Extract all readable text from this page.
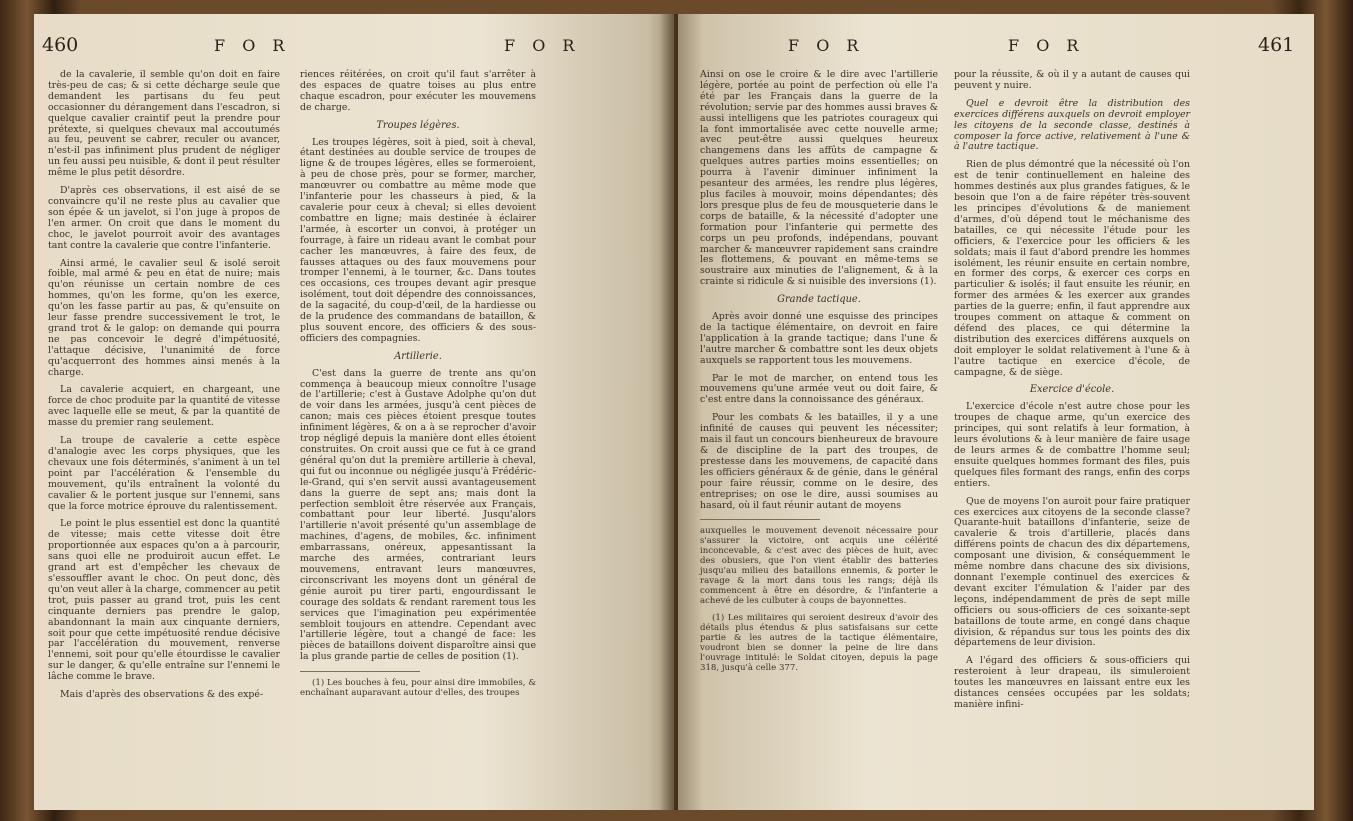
460	F O R	F O R

de la cavalerie, il semble qu'on doit en faire très-peu de cas; & si cette décharge seule que demandent les partisans du feu peut occasionner du dérangement dans l'escadron, si quelque cavalier craintif peut la prendre pour prétexte, si quelques chevaux mal accoutumés au feu, peuvent se cabrer, reculer ou avancer, n'est-il pas infiniment plus prudent de négliger un feu aussi peu nuisible, & dont il peut résulter même le plus petit désordre.

D'après ces observations, il est aisé de se convaincre qu'il ne reste plus au cavalier que son épée & un javelot, si l'on juge à propos de l'en armer. On croit que dans le moment du choc, le javelot pourroit avoir des avantages tant contre la cavalerie que contre l'infanterie.

Ainsi armé, le cavalier seul & isolé seroit foible, mal armé & peu en état de nuire; mais qu'on réunisse un certain nombre de ces hommes, qu'on les forme, qu'on les exerce, qu'on les fasse partir au pas, & qu'ensuite on leur fasse prendre successivement le trot, le grand trot & le galop: on demande qui pourra ne pas concevoir le degré d'impétuosité, l'attaque décisive, l'unanimité de force qu'acquerront des hommes ainsi menés à la charge.

La cavalerie acquiert, en chargeant, une force de choc produite par la quantité de vitesse avec laquelle elle se meut, & par la quantité de masse du premier rang seulement.

La troupe de cavalerie a cette espèce d'analogie avec les corps physiques, que les chevaux une fois déterminés, s'animent à un tel point par l'accélération & l'ensemble du mouvement, qu'ils entraînent la volonté du cavalier & le portent jusque sur l'ennemi, sans que la force motrice éprouve du ralentissement.

Le point le plus essentiel est donc la quantité de vitesse; mais cette vitesse doit être proportionnée aux espaces qu'on a à parcourir, sans quoi elle ne produiroit aucun effet. Le grand art est d'empêcher les chevaux de s'essouffler avant le choc. On peut donc, dès qu'on veut aller à la charge, commencer au petit trot, puis passer au grand trot, puis les cent cinquante derniers pas prendre le galop, abandonnant la main aux cinquante derniers, soit pour que cette impétuosité rendue décisive par l'accélération du mouvement, renverse l'ennemi, soit pour qu'elle étourdisse le cavalier sur le danger, & qu'elle entraîne sur l'ennemi le lâche comme le brave.

Mais d'après des observations & des expé-

riences réitérées, on croit qu'il faut s'arrêter à des espaces de quatre toises au plus entre chaque escadron, pour exécuter les mouvemens de charge.

Troupes légères.

Les troupes légères, soit à pied, soit à cheval, étant destinées au double service de troupes de ligne & de troupes légères, elles se formeroient, à peu de chose près, pour se former, marcher, manœuvrer ou combattre au même mode que l'infanterie pour les chasseurs à pied, & la cavalerie pour ceux à cheval; si elles devoient combattre en ligne; mais destinée à éclairer l'armée, à escorter un convoi, à protéger un fourrage, à faire un rideau avant le combat pour cacher les manœuvres, à faire des feux, de fausses attaques ou des faux mouvemens pour tromper l'ennemi, à le tourner, &c. Dans toutes ces occasions, ces troupes devant agir presque isolément, tout doit dépendre des connoissances, de la sagacité, du coup-d'œil, de la hardiesse ou de la prudence des commandans de bataillon, & plus souvent encore, des officiers & des sous-officiers des compagnies.

Artillerie.

C'est dans la guerre de trente ans qu'on commença à beaucoup mieux connoître l'usage de l'artillerie; c'est à Gustave Adolphe qu'on dut de voir dans les armées, jusqu'à cent pièces de canon; mais ces pièces étoient presque toutes infiniment légères, & on a à se reprocher d'avoir trop négligé depuis la manière dont elles étoient construites. On croit aussi que ce fut à ce grand général qu'on dut la première artillerie à cheval, qui fut ou inconnue ou négligée jusqu'à Frédéric-le-Grand, qui s'en servit aussi avantageusement dans la guerre de sept ans; mais dont la perfection sembloit être réservée aux Français, combattant pour leur liberté. Jusqu'alors l'artillerie n'avoit présenté qu'un assemblage de machines, d'agens, de mobiles, &c. infiniment embarrassans, onéreux, appesantissant la marche des armées, contrariant leurs mouvemens, entravant leurs manœuvres, circonscrivant les moyens dont un général de génie auroit pu tirer parti, engourdissant le courage des soldats & rendant rarement tous les services que l'imagination peu expérimentée sembloit toujours en attendre. Cependant avec l'artillerie légère, tout a changé de face: les pièces de bataillons doivent disparoître ainsi que la plus grande partie de celles de position (1).

(1) Les bouches à feu, pour ainsi dire immobiles, & enchaînant auparavant autour d'elles, des troupes

F O R	F O R	461

Ainsi on ose le croire & le dire avec l'artillerie légère, portée au point de perfection où elle l'a été par les Français dans la guerre de la révolution; servie par des hommes aussi braves & aussi intelligens que les patriotes courageux qui la font immortalisée avec cette nouvelle arme; avec peut-être aussi quelques heureux changemens dans les affûts de campagne & quelques autres parties moins essentielles; on pourra à l'avenir diminuer infiniment la pesanteur des armées, les rendre plus légères, plus faciles à mouvoir, moins dépendantes; dès lors presque plus de feu de mousqueterie dans le corps de bataille, & la nécessité d'adopter une formation pour l'infanterie qui permette des corps un peu profonds, indépendans, pouvant marcher & manœuvrer rapidement sans craindre les flottemens, & pouvant en même-tems se soustraire aux minuties de l'alignement, & à la crainte si ridicule & si nuisible des inversions (1).

Grande tactique.

Après avoir donné une esquisse des principes de la tactique élémentaire, on devroit en faire l'application à la grande tactique; dans l'une & l'autre marcher & combattre sont les deux objets auxquels se rapportent tous les mouvemens.

Par le mot de marcher, on entend tous les mouvemens qu'une armée veut ou doit faire, & c'est entre dans la connoissance des généraux.

Pour les combats & les batailles, il y a une infinité de causes qui peuvent les nécessiter; mais il faut un concours bienheureux de bravoure & de discipline de la part des troupes, de prestesse dans les mouvemens, de capacité dans les officiers généraux & de génie, dans le général pour faire réussir, comme on le desire, des entreprises; on ose le dire, aussi soumises au hasard, où il faut réunir autant de moyens

auxquelles le mouvement devenoit nécessaire pour s'assurer la victoire, ont acquis une célérité inconcevable, & c'est avec des pièces de huit, avec des obusiers, que l'on vient établir des batteries jusqu'au milieu des bataillons ennemis, & porter le ravage & la mort dans tous les rangs; déjà ils commencent à être en désordre, & l'infanterie a achevé de les culbuter à coups de bayonnettes.

(1) Les militaires qui seroient desireux d'avoir des détails plus étendus & plus satisfaisans sur cette partie & les autres de la tactique élémentaire, voudront bien se donner la peine de lire dans l'ouvrage intitulé: le Soldat citoyen, depuis la page 318, jusqu'à celle 377.

pour la réussite, & où il y a autant de causes qui peuvent y nuire.

Quel e devroit être la distribution des exercices différens auxquels on devroit employer les citoyens de la seconde classe, destinés à composer la force active, relativement à l'une & à l'autre tactique.

Rien de plus démontré que la nécessité où l'on est de tenir continuellement en haleine des hommes destinés aux plus grandes fatigues, & le besoin que l'on a de faire répéter très-souvent les principes d'évolutions & de maniement d'armes, d'où dépend tout le méchanisme des batailles, ce qui nécessite l'étude pour les officiers, & l'exercice pour les officiers & les soldats; mais il faut d'abord prendre les hommes isolément, les réunir ensuite en certain nombre, en former des corps, & exercer ces corps en particulier & isolés; il faut ensuite les réunir, en former des armées & les exercer aux grandes parties de la guerre; enfin, il faut apprendre aux troupes comment on attaque & comment on défend des places, ce qui détermine la distribution des exercices différens auxquels on doit employer le soldat relativement à l'une & à l'autre tactique en exercice d'école, de campagne, & de siège.

Exercice d'école.

L'exercice d'école n'est autre chose pour les troupes de chaque arme, qu'un exercice des principes, qui sont relatifs à leur formation, à leurs évolutions & à leur manière de faire usage de leurs armes & de combattre l'homme seul; ensuite quelques hommes formant des files, puis quelques files formant des rangs, enfin des corps entiers.

Que de moyens l'on auroit pour faire pratiquer ces exercices aux citoyens de la seconde classe? Quarante-huit bataillons d'infanterie, seize de cavalerie & trois d'artillerie, placés dans différens points de chacun des dix départemens, composant une division, & conséquemment le même nombre dans chacune des six divisions, donnant l'exemple continuel des exercices & devant exciter l'émulation & l'aider par des leçons, indépendamment de près de sept mille officiers ou sous-officiers de ces soixante-sept bataillons de toute arme, en congé dans chaque division, & répandus sur tous les points des dix départemens de leur division.

A l'égard des officiers & sous-officiers qui resteroient à leur drapeau, ils simuleroient toutes les manœuvres en laissant entre eux les distances censées occupées par les soldats; manière infini-
